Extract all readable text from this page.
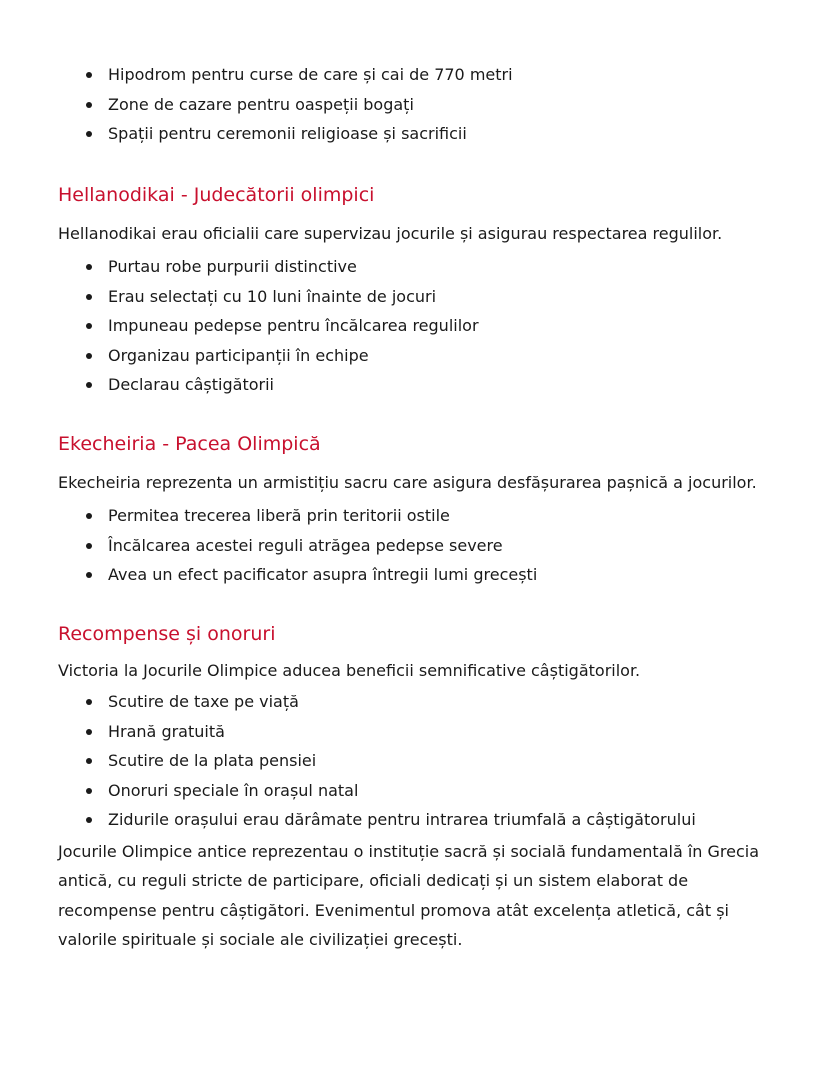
Hipodrom pentru curse de care și cai de 770 metri
Zone de cazare pentru oaspeții bogați
Spații pentru ceremonii religioase și sacrificii
Hellanodikai - Judecătorii olimpici

Hellanodikai erau oficialii care supervizau jocurile și asigurau respectarea regulilor.

Purtau robe purpurii distinctive
Erau selectați cu 10 luni înainte de jocuri
Impuneau pedepse pentru încălcarea regulilor
Organizau participanții în echipe
Declarau câștigătorii
Ekecheiria - Pacea Olimpică

Ekecheiria reprezenta un armistițiu sacru care asigura desfășurarea pașnică a jocurilor.

Permitea trecerea liberă prin teritorii ostile
Încălcarea acestei reguli atrăgea pedepse severe
Avea un efect pacificator asupra întregii lumi grecești
Recompense și onoruri

Victoria la Jocurile Olimpice aducea beneficii semnificative câștigătorilor.

Scutire de taxe pe viață
Hrană gratuită
Scutire de la plata pensiei
Onoruri speciale în orașul natal
Zidurile orașului erau dărâmate pentru intrarea triumfală a câștigătorului

Jocurile Olimpice antice reprezentau o instituție sacră și socială fundamentală în Grecia antică, cu reguli stricte de participare, oficiali dedicați și un sistem elaborat de recompense pentru câștigători. Evenimentul promova atât excelența atletică, cât și valorile spirituale și sociale ale civilizației grecești.
